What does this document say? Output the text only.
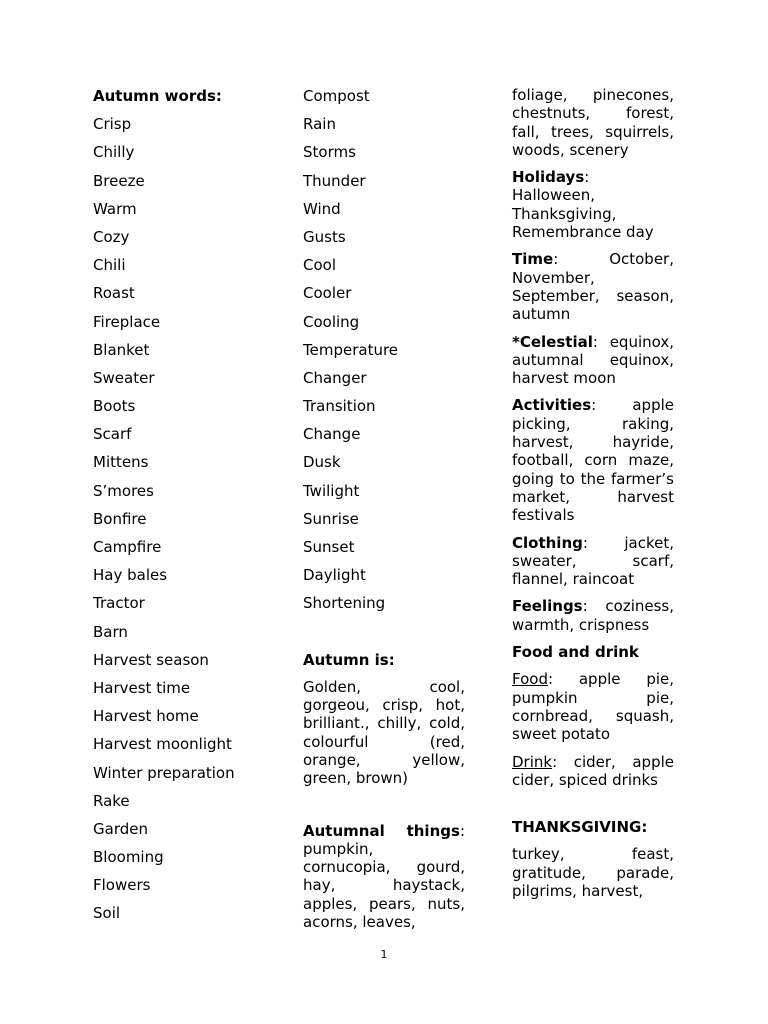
Autumn words:
Crisp
Chilly
Breeze
Warm
Cozy
Chili
Roast
Fireplace
Blanket
Sweater
Boots
Scarf
Mittens
S’mores
Bonfire
Campfire
Hay bales
Tractor
Barn
Harvest season
Harvest time
Harvest home
Harvest moonlight
Winter preparation
Rake
Garden
Blooming
Flowers
Soil
Compost
Rain
Storms
Thunder
Wind
Gusts
Cool
Cooler
Cooling
Temperature
Changer
Transition
Change
Dusk
Twilight
Sunrise
Sunset
Daylight
Shortening
Autumn is:
Golden, cool, gorgeou, crisp, hot, brilliant., chilly, cold, colourful (red, orange, yellow, green, brown)
Autumnal things: pumpkin, cornucopia, gourd, hay, haystack, apples, pears, nuts, acorns, leaves,
foliage, pinecones, chestnuts, forest, fall, trees, squirrels, woods, scenery
Holidays: Halloween, Thanksgiving, Remembrance day
Time: October, November, September, season, autumn
*Celestial: equinox, autumnal equinox, harvest moon
Activities: apple picking, raking, harvest, hayride, football, corn maze, going to the farmer’s market, harvest festivals
Clothing: jacket, sweater, scarf, flannel, raincoat
Feelings: coziness, warmth, crispness
Food and drink
Food: apple pie, pumpkin pie, cornbread, squash, sweet potato
Drink: cider, apple cider, spiced drinks
THANKSGIVING:
turkey, feast, gratitude, parade, pilgrims, harvest,
1
